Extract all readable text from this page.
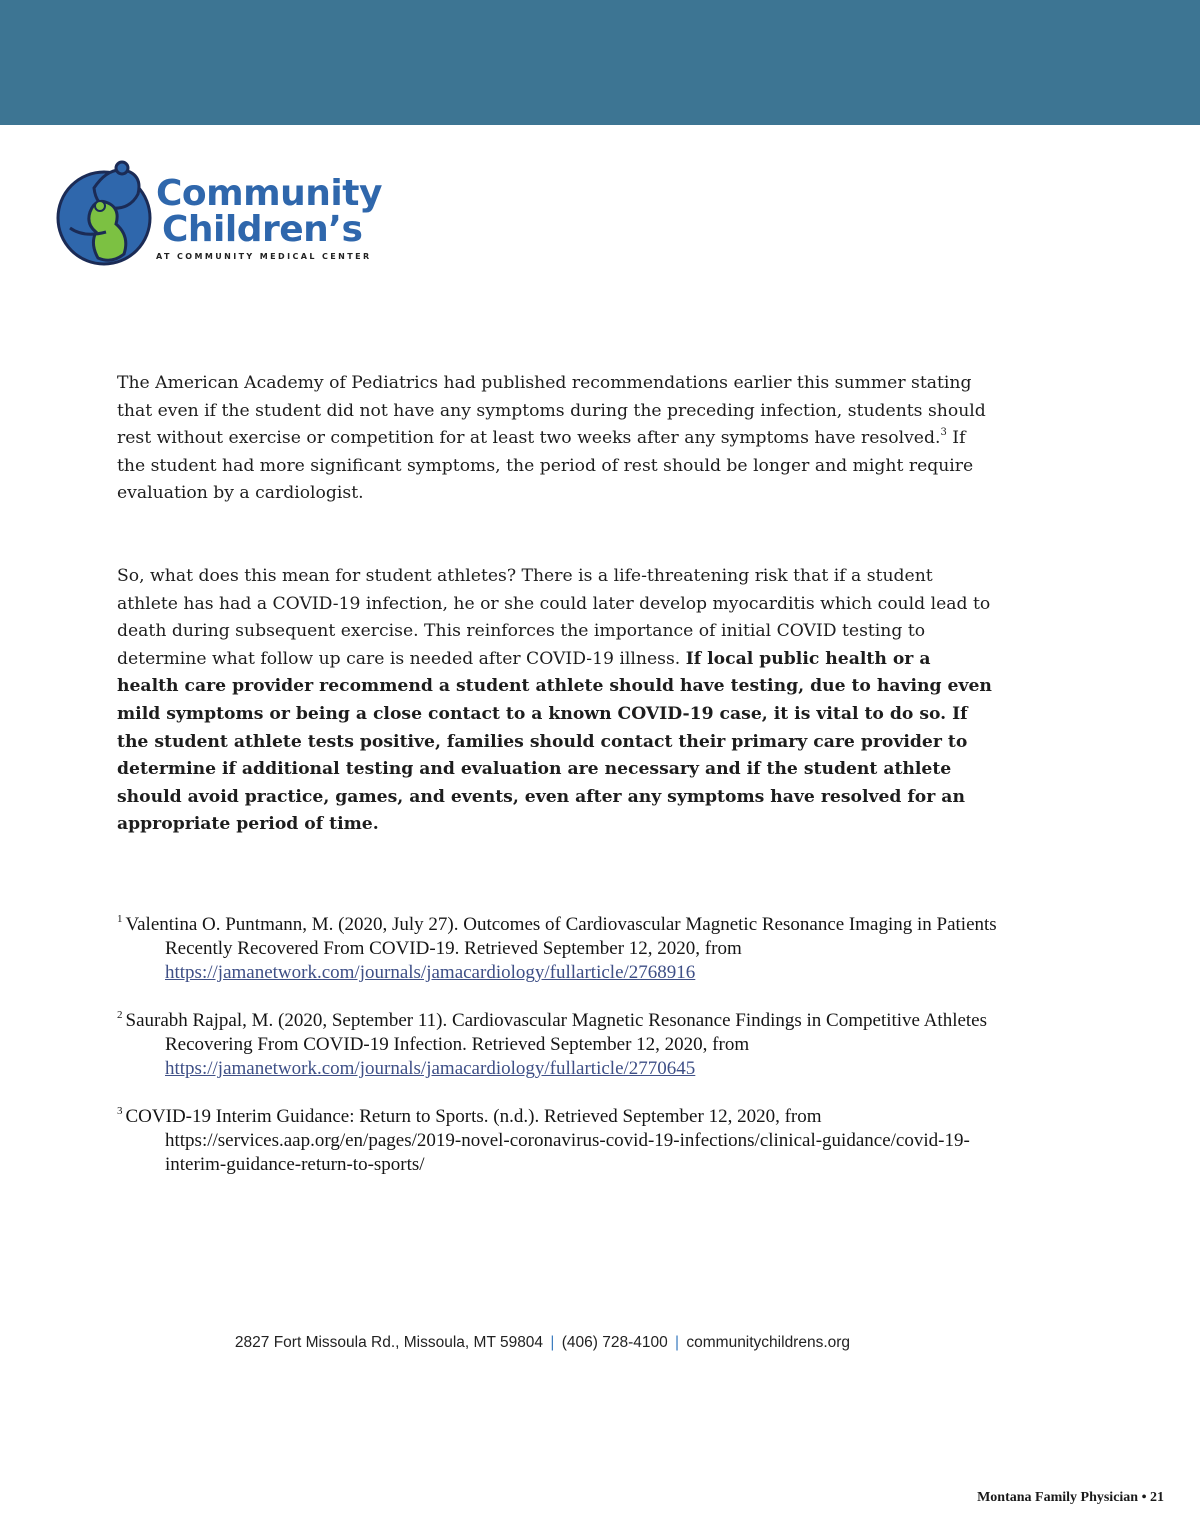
Community
Children’s
AT COMMUNITY MEDICAL CENTER

The American Academy of Pediatrics had published recommendations earlier this summer stating that even if the student did not have any symptoms during the preceding infection, students should rest without exercise or competition for at least two weeks after any symptoms have resolved.$^3$ If the student had more significant symptoms, the period of rest should be longer and might require evaluation by a cardiologist.

So, what does this mean for student athletes? There is a life-threatening risk that if a student athlete has had a COVID-19 infection, he or she could later develop myocarditis which could lead to death during subsequent exercise. This reinforces the importance of initial COVID testing to determine what follow up care is needed after COVID-19 illness. If local public health or a health care provider recommend a student athlete should have testing, due to having even mild symptoms or being a close contact to a known COVID-19 case, it is vital to do so. If the student athlete tests positive, families should contact their primary care provider to determine if additional testing and evaluation are necessary and if the student athlete should avoid practice, games, and events, even after any symptoms have resolved for an appropriate period of time.

$^1$ Valentina O. Puntmann, M. (2020, July 27). Outcomes of Cardiovascular Magnetic Resonance Imaging in Patients Recently Recovered From COVID-19. Retrieved September 12, 2020, from
https://jamanetwork.com/journals/jamacardiology/fullarticle/2768916

$^2$ Saurabh Rajpal, M. (2020, September 11). Cardiovascular Magnetic Resonance Findings in Competitive Athletes Recovering From COVID-19 Infection. Retrieved September 12, 2020, from
https://jamanetwork.com/journals/jamacardiology/fullarticle/2770645

$^3$ COVID-19 Interim Guidance: Return to Sports. (n.d.). Retrieved September 12, 2020, from
https://services.aap.org/en/pages/2019-novel-coronavirus-covid-19-infections/clinical-guidance/covid-19-interim-guidance-return-to-sports/

2827 Fort Missoula Rd., Missoula, MT 59804 | (406) 728-4100 | communitychildrens.org
Montana Family Physician • 21
